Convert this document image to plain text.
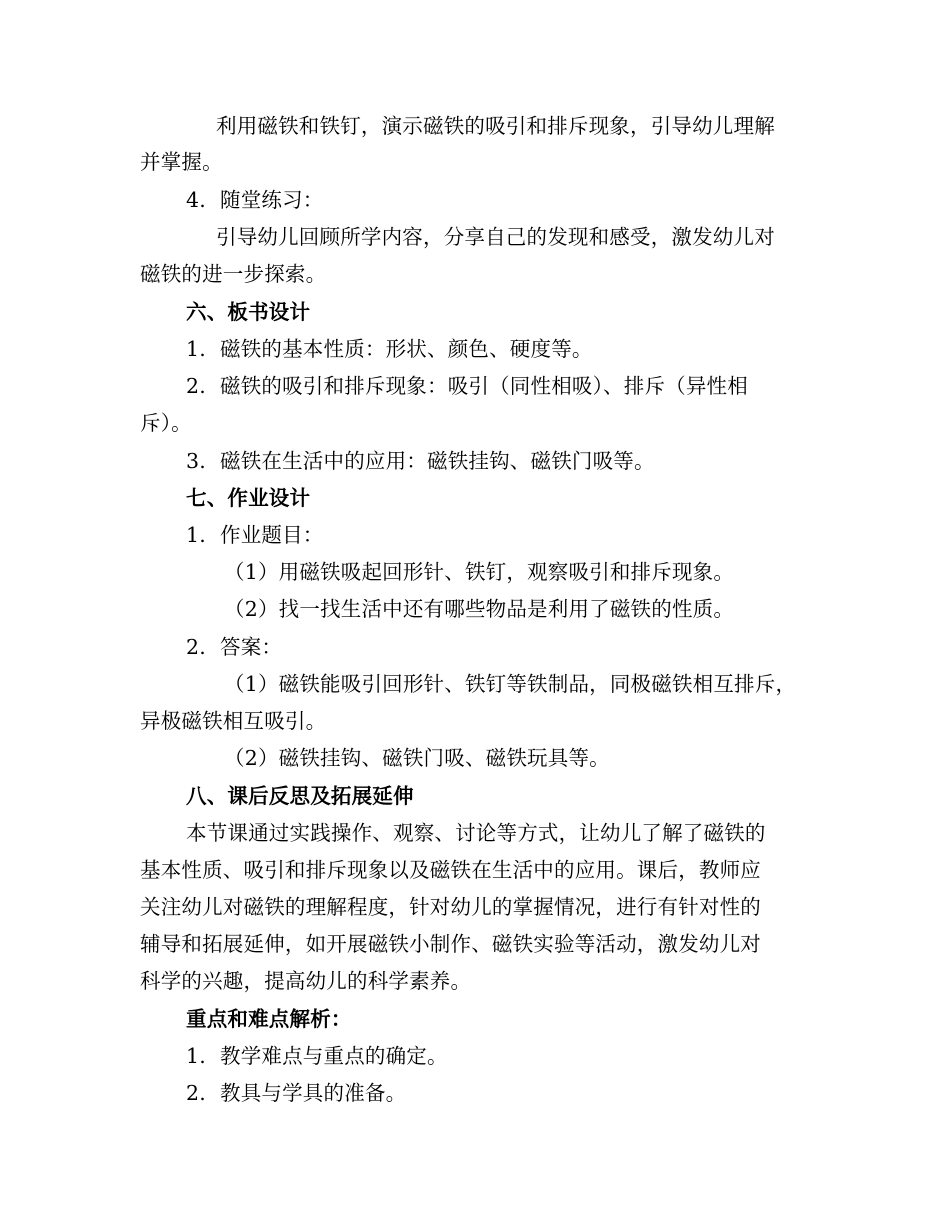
利用磁铁和铁钉，演示磁铁的吸引和排斥现象，引导幼儿理解
并掌握。
4. 随堂练习：
引导幼儿回顾所学内容，分享自己的发现和感受，激发幼儿对
磁铁的进一步探索。
六、板书设计
1. 磁铁的基本性质：形状、颜色、硬度等。
2. 磁铁的吸引和排斥现象：吸引（同性相吸）、排斥（异性相
斥）。
3. 磁铁在生活中的应用：磁铁挂钩、磁铁门吸等。
七、作业设计
1. 作业题目：
（1）用磁铁吸起回形针、铁钉，观察吸引和排斥现象。
（2）找一找生活中还有哪些物品是利用了磁铁的性质。
2. 答案：
（1）磁铁能吸引回形针、铁钉等铁制品，同极磁铁相互排斥，
异极磁铁相互吸引。
（2）磁铁挂钩、磁铁门吸、磁铁玩具等。
八、课后反思及拓展延伸
本节课通过实践操作、观察、讨论等方式，让幼儿了解了磁铁的
基本性质、吸引和排斥现象以及磁铁在生活中的应用。课后，教师应
关注幼儿对磁铁的理解程度，针对幼儿的掌握情况，进行有针对性的
辅导和拓展延伸，如开展磁铁小制作、磁铁实验等活动，激发幼儿对
科学的兴趣，提高幼儿的科学素养。
重点和难点解析：
1. 教学难点与重点的确定。
2. 教具与学具的准备。
